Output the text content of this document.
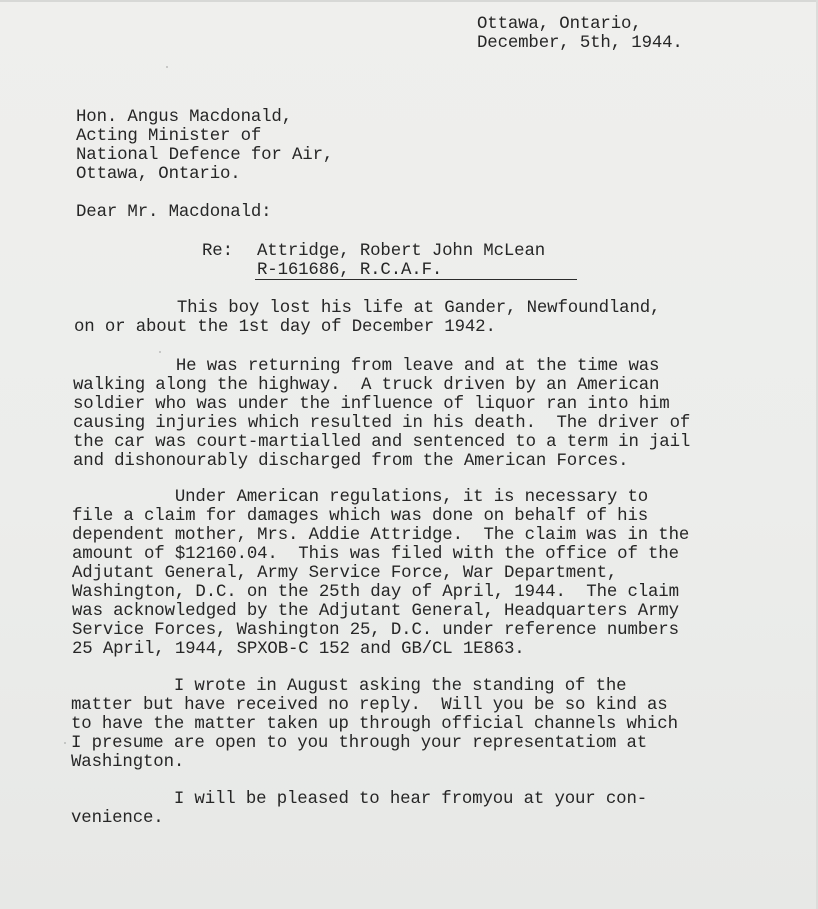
Ottawa, Ontario,
December, 5th, 1944.
Hon. Angus Macdonald,
Acting Minister of
National Defence for Air,
Ottawa, Ontario.
Dear Mr. Macdonald:
Re: Attridge, Robert John McLean
R-161686, R.C.A.F.
This boy lost his life at Gander, Newfoundland,
on or about the 1st day of December 1942.
He was returning from leave and at the time was
walking along the highway.  A truck driven by an American
soldier who was under the influence of liquor ran into him
causing injuries which resulted in his death.  The driver of
the car was court-martialled and sentenced to a term in jail
and dishonourably discharged from the American Forces.
Under American regulations, it is necessary to
file a claim for damages which was done on behalf of his
dependent mother, Mrs. Addie Attridge.  The claim was in the
amount of $12160.04.  This was filed with the office of the
Adjutant General, Army Service Force, War Department,
Washington, D.C. on the 25th day of April, 1944.  The claim
was acknowledged by the Adjutant General, Headquarters Army
Service Forces, Washington 25, D.C. under reference numbers
25 April, 1944, SPXOB-C 152 and GB/CL 1E863.
I wrote in August asking the standing of the
matter but have received no reply.  Will you be so kind as
to have the matter taken up through official channels which
I presume are open to you through your representatiom at
Washington.
I will be pleased to hear fromyou at your con-
venience.
